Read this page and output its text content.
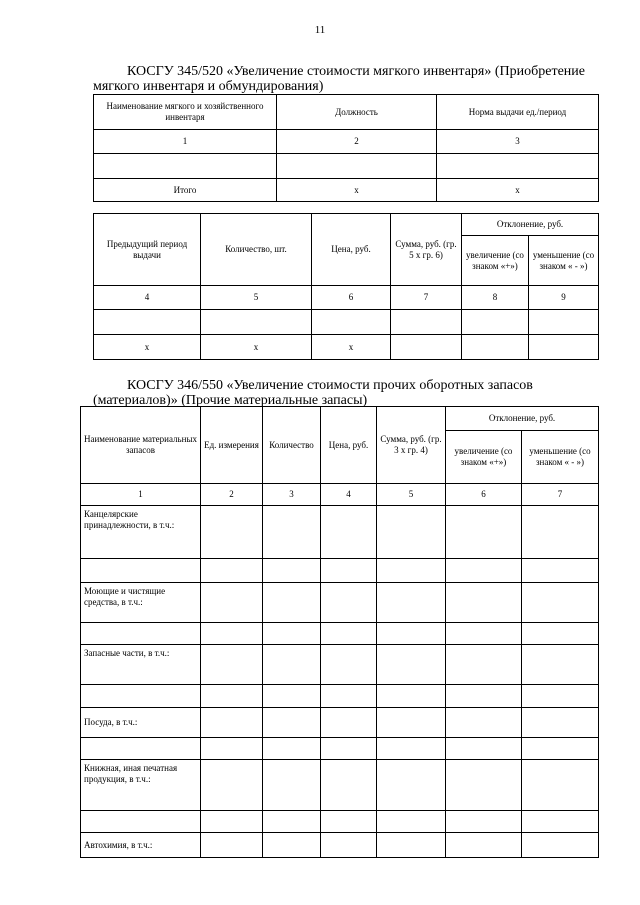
11
КОСГУ 345/520 «Увеличение стоимости мягкого инвентаря» (Приобретение
мягкого инвентаря и обмундирования)
Наименование мягкого и хозяйственного инвентаря	Должность	Норма выдачи ед./период
1	2	3

Итого	х	х
Предыдущий период выдачи	Количество, шт.	Цена, руб.	Сумма, руб. (гр. 5 х гр. 6)	Отклонение, руб.	
				увеличение (со знаком «+»)	уменьшение (со знаком « - »)
4	5	6	7	8	9

х	х	х			
КОСГУ 346/550 «Увеличение стоимости прочих оборотных запасов
(материалов)» (Прочие материальные запасы)
Наименование материальных запасов	Ед. измерения	Количество	Цена, руб.	Сумма, руб. (гр. 3 х гр. 4)	Отклонение, руб.	
					увеличение (со знаком «+»)	уменьшение (со знаком « - »)
1	2	3	4	5	6	7
Канцелярские принадлежности, в т.ч.:						

Моющие и чистящие средства, в т.ч.:						

Запасные части, в т.ч.:						

Посуда, в т.ч.:						

Книжная, иная печатная продукция, в т.ч.:						

Автохимия, в т.ч.:						
